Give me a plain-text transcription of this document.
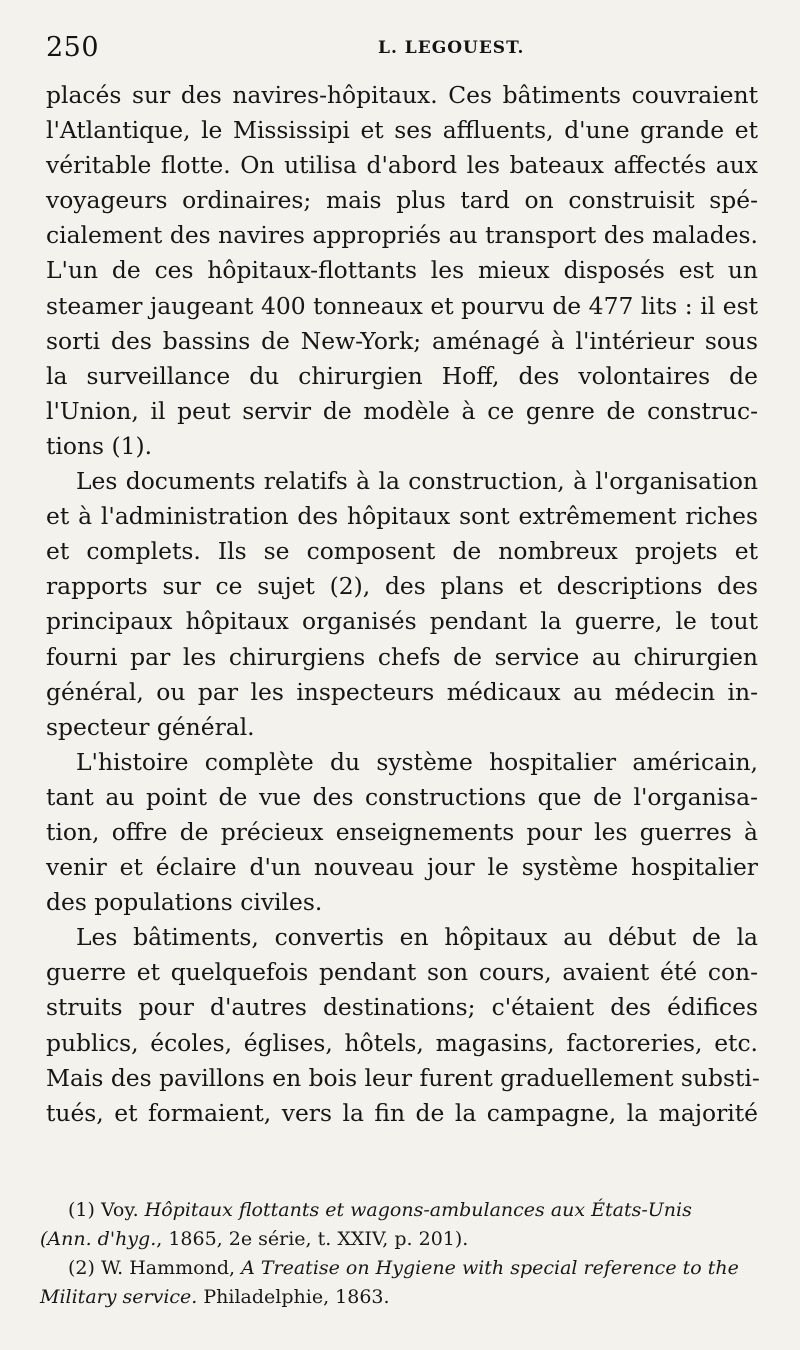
250	L. LEGOUEST.
placés sur des navires-hôpitaux. Ces bâtiments couvraient
l'Atlantique, le Mississipi et ses affluents, d'une grande et
véritable flotte. On utilisa d'abord les bateaux affectés aux
voyageurs ordinaires; mais plus tard on construisit spé-
cialement des navires appropriés au transport des malades.
L'un de ces hôpitaux-flottants les mieux disposés est un
steamer jaugeant 400 tonneaux et pourvu de 477 lits : il est
sorti des bassins de New-York; aménagé à l'intérieur sous
la surveillance du chirurgien Hoff, des volontaires de
l'Union, il peut servir de modèle à ce genre de construc-
tions (1).
Les documents relatifs à la construction, à l'organisation
et à l'administration des hôpitaux sont extrêmement riches
et complets. Ils se composent de nombreux projets et
rapports sur ce sujet (2), des plans et descriptions des
principaux hôpitaux organisés pendant la guerre, le tout
fourni par les chirurgiens chefs de service au chirurgien
général, ou par les inspecteurs médicaux au médecin in-
specteur général.
L'histoire complète du système hospitalier américain,
tant au point de vue des constructions que de l'organisa-
tion, offre de précieux enseignements pour les guerres à
venir et éclaire d'un nouveau jour le système hospitalier
des populations civiles.
Les bâtiments, convertis en hôpitaux au début de la
guerre et quelquefois pendant son cours, avaient été con-
struits pour d'autres destinations; c'étaient des édifices
publics, écoles, églises, hôtels, magasins, factoreries, etc.
Mais des pavillons en bois leur furent graduellement substi-
tués, et formaient, vers la fin de la campagne, la majorité
(1) Voy. Hôpitaux flottants et wagons-ambulances aux États-Unis
(Ann. d'hyg., 1865, 2e série, t. XXIV, p. 201).
(2) W. Hammond, A Treatise on Hygiene with special reference to the
Military service. Philadelphie, 1863.
